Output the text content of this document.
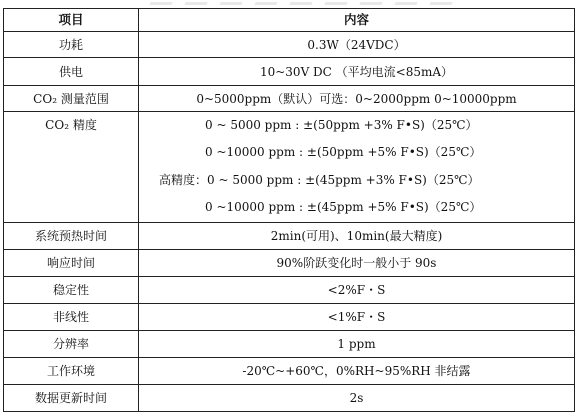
项目	内容
功耗	0.3W（24VDC）
供电	10~30V DC （平均电流<85mA）
CO₂ 测量范围	0~5000ppm（默认）可选：0~2000ppm 0~10000ppm

CO₂ 精度	0 ~ 5000 ppm : ±(50ppm +3% F•S)（25℃）
0 ~10000 ppm : ±(50ppm +5% F•S)（25℃）
高精度：0 ~ 5000 ppm : ±(45ppm +3% F•S)（25℃）
0 ~10000 ppm : ±(45ppm +5% F•S)（25℃）

系统预热时间	2min(可用)、10min(最大精度)
响应时间	90%阶跃变化时一般小于 90s
稳定性	<2%F・S
非线性	<1%F・S
分辨率	1 ppm
工作环境	-20℃~+60℃，0%RH~95%RH 非结露
数据更新时间	2s
